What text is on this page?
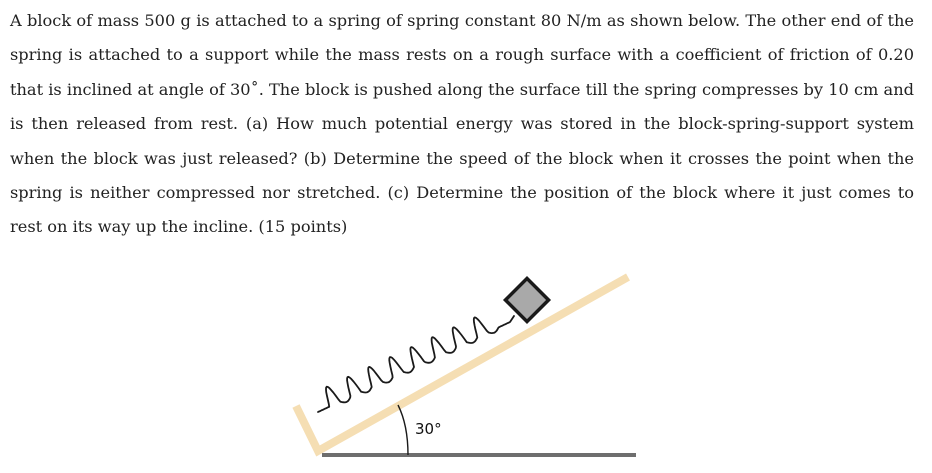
A block of mass 500 g is attached to a spring of spring constant 80 N/m as shown below. The other end of the spring is attached to a support while the mass rests on a rough surface with a coefficient of friction of 0.20 that is inclined at angle of 30˚. The block is pushed along the surface till the spring compresses by 10 cm and is then released from rest. (a) How much potential energy was stored in the block-spring-support system when the block was just released? (b) Determine the speed of the block when it crosses the point when the spring is neither compressed nor stretched. (c) Determine the position of the block where it just comes to rest on its way up the incline. (15 points)

30°
